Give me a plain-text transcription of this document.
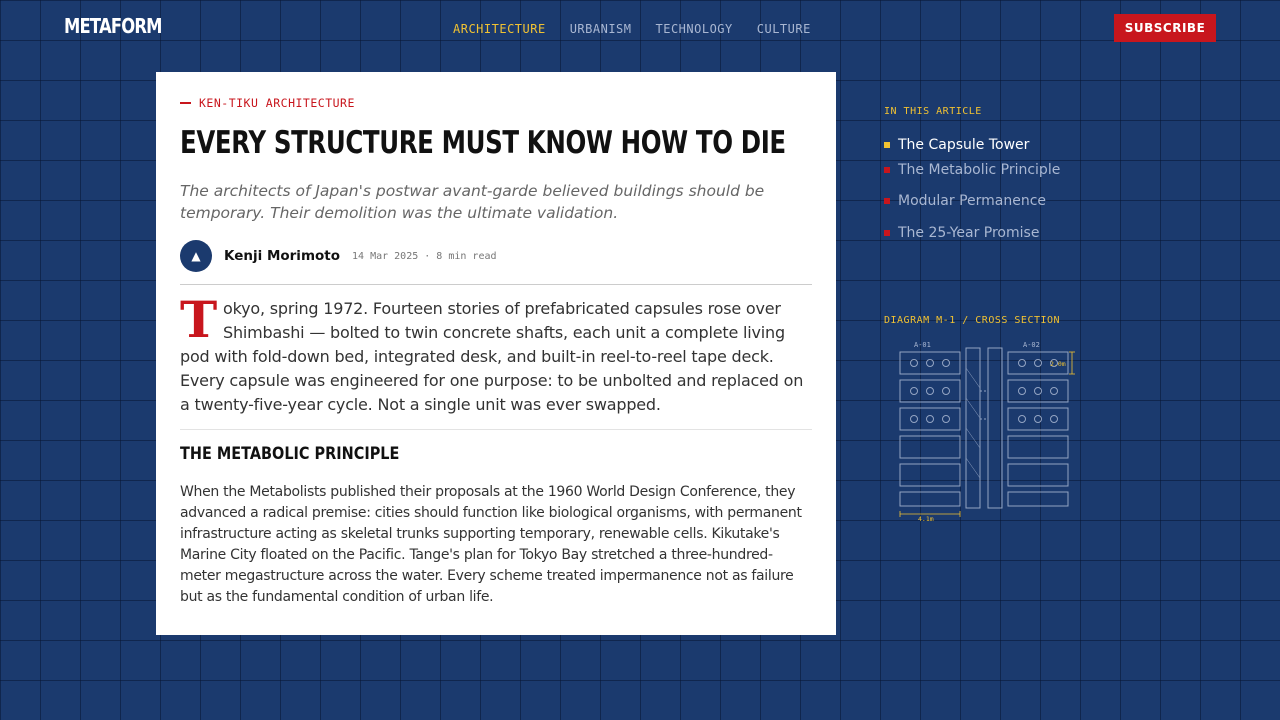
METAFORM	ARCHITECTURE URBANISM TECHNOLOGY CULTURE	SUBSCRIBE
KEN-TIKU ARCHITECTURE
EVERY STRUCTURE MUST KNOW HOW TO DIE

The architects of Japan's postwar avant-garde believed buildings should be temporary. Their demolition was the ultimate validation.

▲ Kenji Morimoto 14 Mar 2025 · 8 min read

T okyo, spring 1972. Fourteen stories of prefabricated capsules rose over Shimbashi — bolted to twin concrete shafts, each unit a complete living pod with fold-down bed, integrated desk, and built-in reel-to-reel tape deck. Every capsule was engineered for one purpose: to be unbolted and replaced on a twenty-five-year cycle. Not a single unit was ever swapped.

THE METABOLIC PRINCIPLE

When the Metabolists published their proposals at the 1960 World Design Conference, they advanced a radical premise: cities should function like biological organisms, with permanent infrastructure acting as skeletal trunks supporting temporary, renewable cells. Kikutake's Marine City floated on the Pacific. Tange's plan for Tokyo Bay stretched a three-hundred-meter megastructure across the water. Every scheme treated impermanence not as failure but as the fundamental condition of urban life.

IN THIS ARTICLE
The Capsule Tower
The Metabolic Principle
Modular Permanence
The 25-Year Promise
DIAGRAM M-1 / CROSS SECTION
A-01	A-02
4.1m
2.0m
